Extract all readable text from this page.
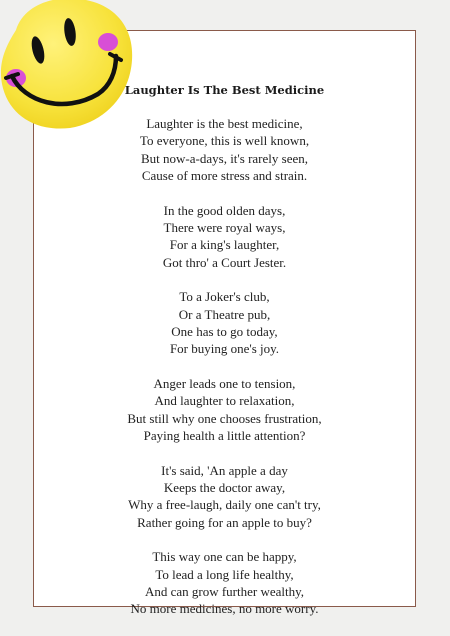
Laughter Is The Best Medicine
Laughter is the best medicine,
To everyone, this is well known,
But now-a-days, it's rarely seen,
Cause of more stress and strain.
In the good olden days,
There were royal ways,
For a king's laughter,
Got thro' a Court Jester.
To a Joker's club,
Or a Theatre pub,
One has to go today,
For buying one's joy.
Anger leads one to tension,
And laughter to relaxation,
But still why one chooses frustration,
Paying health a little attention?
It's said, 'An apple a day
Keeps the doctor away,
Why a free-laugh, daily one can't try,
Rather going for an apple to buy?
This way one can be happy,
To lead a long life healthy,
And can grow further wealthy,
No more medicines, no more worry.
